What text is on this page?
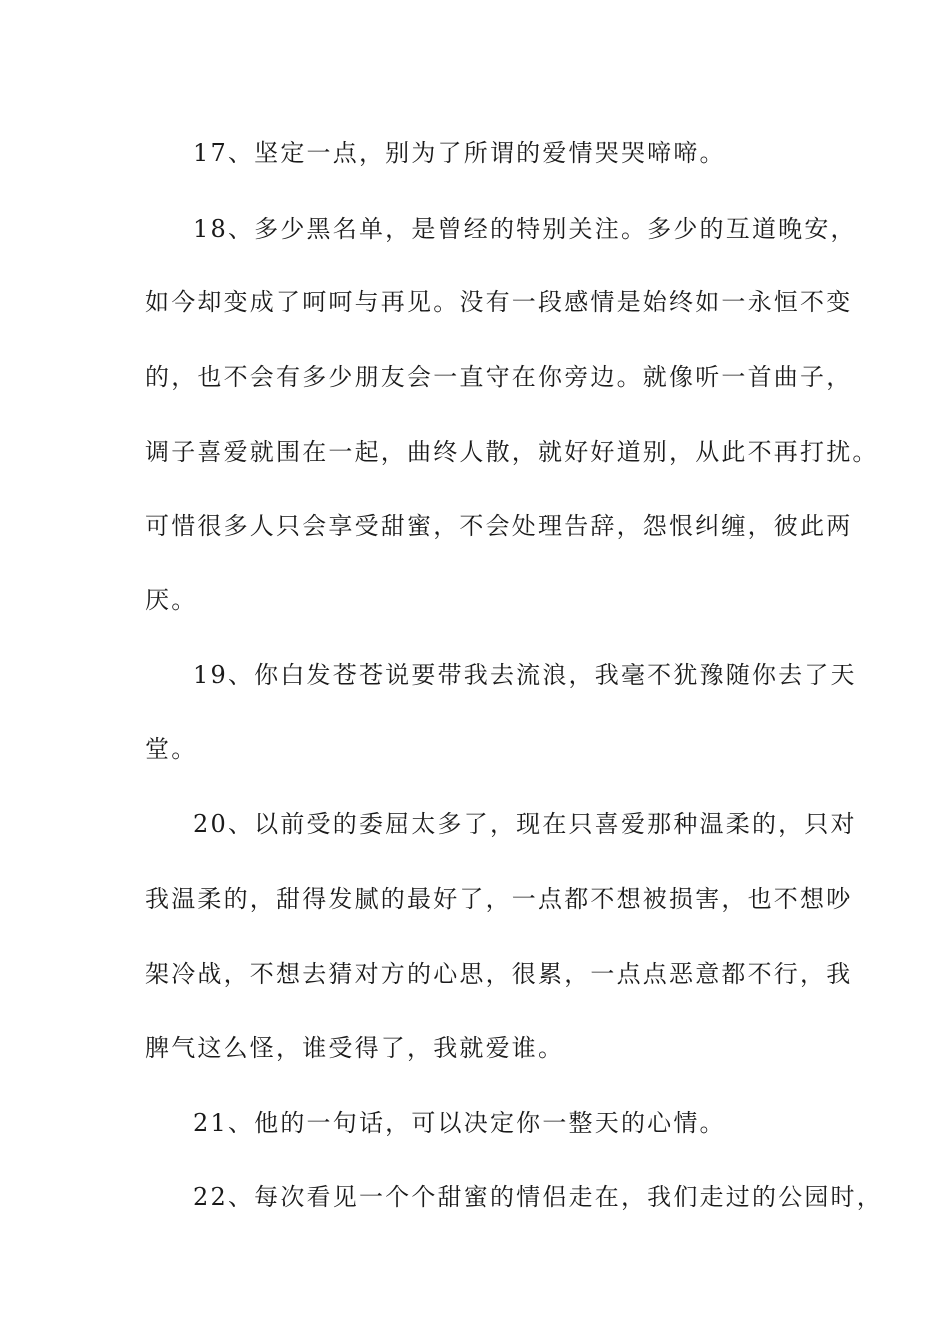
17、坚定一点，别为了所谓的爱情哭哭啼啼。
18、多少黑名单，是曾经的特别关注。多少的互道晚安，
如今却变成了呵呵与再见。没有一段感情是始终如一永恒不变
的，也不会有多少朋友会一直守在你旁边。就像听一首曲子，
调子喜爱就围在一起，曲终人散，就好好道别，从此不再打扰。
可惜很多人只会享受甜蜜，不会处理告辞，怨恨纠缠，彼此两
厌。
19、你白发苍苍说要带我去流浪，我毫不犹豫随你去了天
堂。
20、以前受的委屈太多了，现在只喜爱那种温柔的，只对
我温柔的，甜得发腻的最好了，一点都不想被损害，也不想吵
架冷战，不想去猜对方的心思，很累，一点点恶意都不行，我
脾气这么怪，谁受得了，我就爱谁。
21、他的一句话，可以决定你一整天的心情。
22、每次看见一个个甜蜜的情侣走在，我们走过的公园时，
